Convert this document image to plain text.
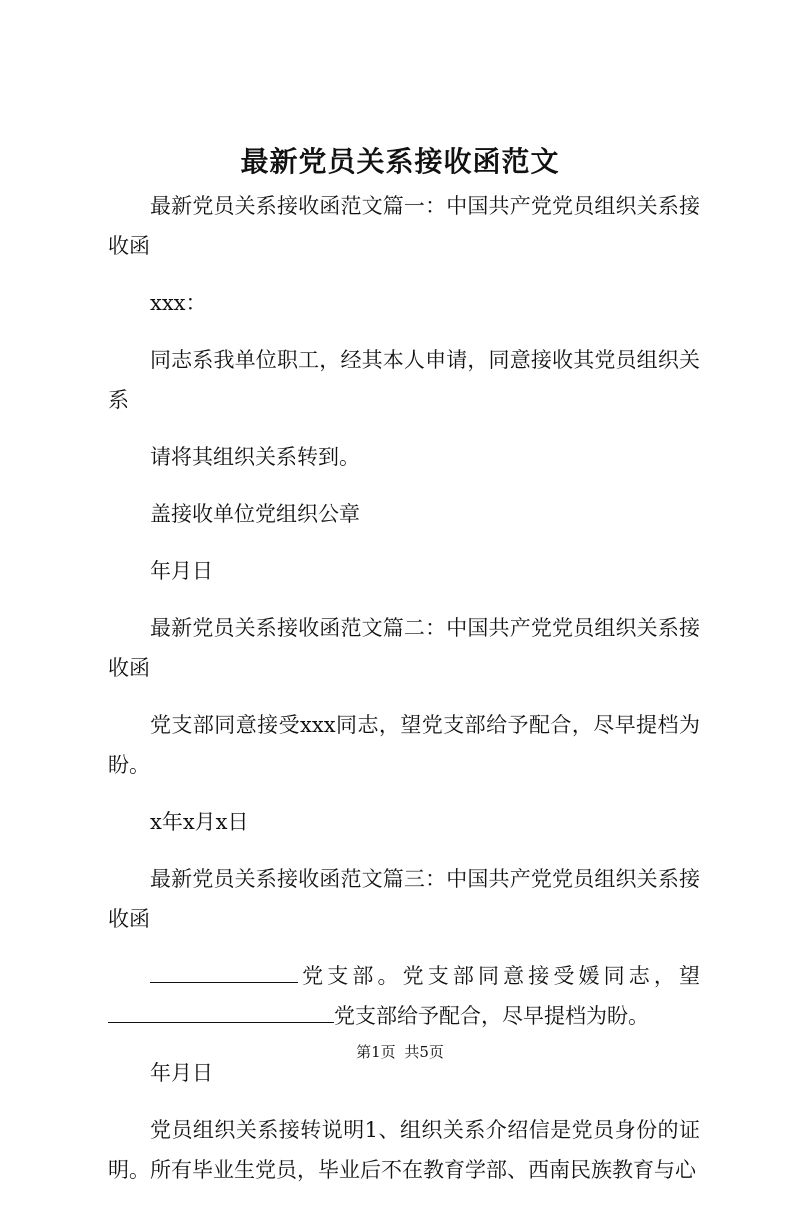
最新党员关系接收函范文

最新党员关系接收函范文篇一：中国共产党党员组织关系接收函

xxx：

同志系我单位职工，经其本人申请，同意接收其党员组织关系

请将其组织关系转到。

盖接收单位党组织公章

年月日

最新党员关系接收函范文篇二：中国共产党党员组织关系接收函

党支部同意接受xxx同志，望党支部给予配合，尽早提档为盼。

x年x月x日

最新党员关系接收函范文篇三：中国共产党党员组织关系接收函

党支部。党支部同意接受媛同志，望党支部给予配合，尽早提档为盼。

年月日

党员组织关系接转说明1、组织关系介绍信是党员身份的证明。所有毕业生党员，毕业后不在教育学部、西南民族教育与心

第1页 共5页
